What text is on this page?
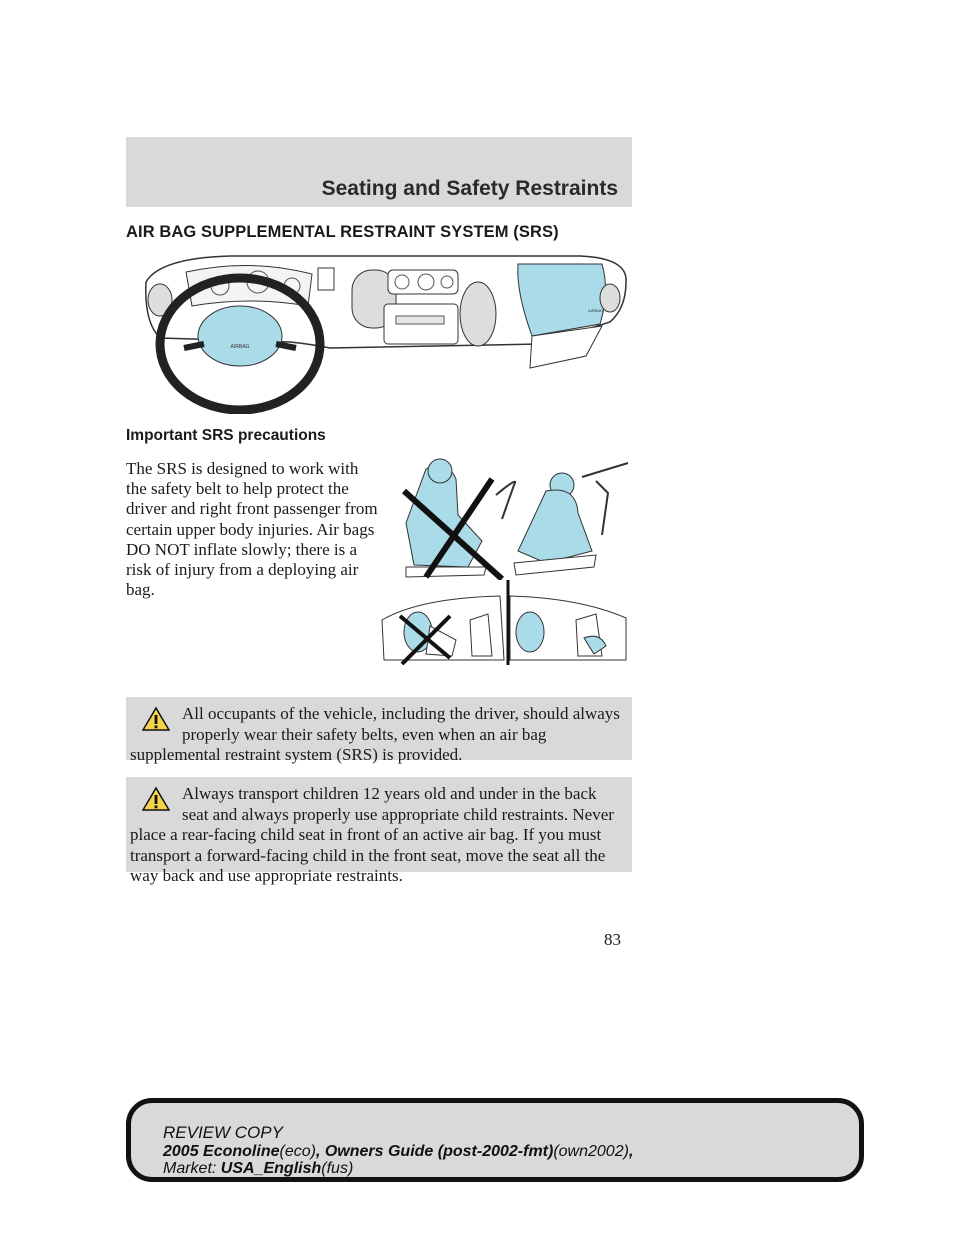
Seating and Safety Restraints
AIR BAG SUPPLEMENTAL RESTRAINT SYSTEM (SRS)
AIRBAG
AIRBAG
Important SRS precautions
The SRS is designed to work with the safety belt to help protect the driver and right front passenger from certain upper body injuries. Air bags DO NOT inflate slowly; there is a risk of injury from a deploying air bag.
All occupants of the vehicle, including the driver, should always properly wear their safety belts, even when an air bag supplemental restraint system (SRS) is provided.
Always transport children 12 years old and under in the back seat and always properly use appropriate child restraints. Never place a rear-facing child seat in front of an active air bag. If you must transport a forward-facing child in the front seat, move the seat all the way back and use appropriate restraints.
83
REVIEW COPY
2005 Econoline(eco), Owners Guide (post-2002-fmt)(own2002),
Market: USA_English(fus)
